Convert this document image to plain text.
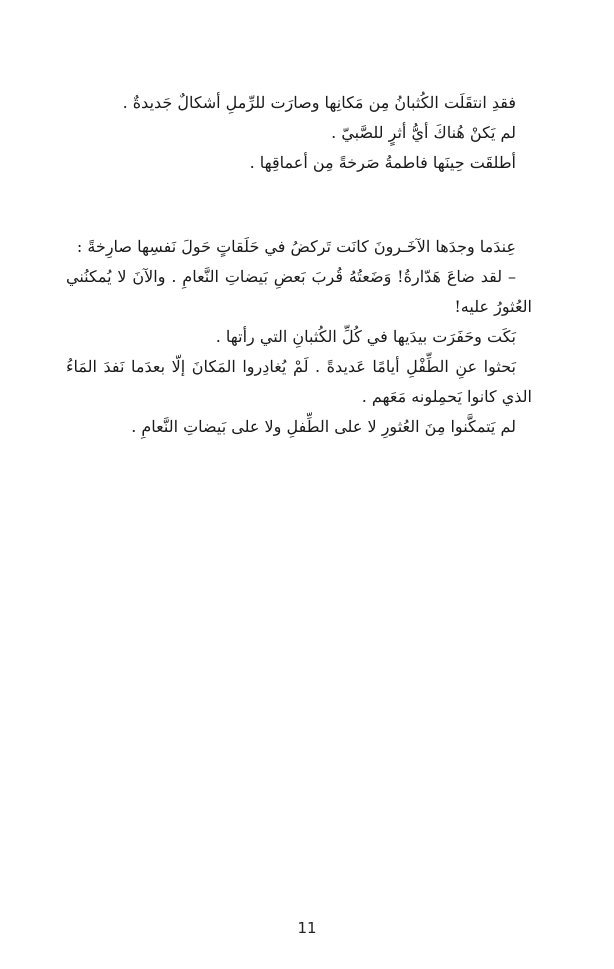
فقدِ انتقَلَت الكُثبانُ مِن مَكانِها وصارَت للرِّملِ أشكالٌ جَديدةٌ .
لم يَكنْ هُناكَ أيُّ أثرٍ للصَّبيّ .
أطلقَت حِينَها فاطمةُ صَرخةً مِن أعماقِها .
عِندَما وجدَها الآخَـرونَ كانَت تَركضُ في حَلَقاتٍ حَولَ نَفسِها صارِخةً :
– لقد ضاعَ هَدّارةُ! وَضَعتُهُ قُربَ بَعضِ بَيضاتِ النَّعامِ . والآنَ لا يُمكنُني العُثورُ عليه!
بَكَت وحَفَرَت بيدَيها في كُلِّ الكُثبانِ التي رأتها .
بَحثوا عنِ الطِّفْلِ أيامًا عَديدةً . لَمْ يُغادِروا المَكانَ إلّا بعدَما نَفدَ المَاءُ الذي كانوا يَحمِلونه مَعَهم .
لم يَتمكَّنوا مِنَ العُثورِ لا على الطِّفلِ ولا على بَيضاتِ النَّعامِ .
11
